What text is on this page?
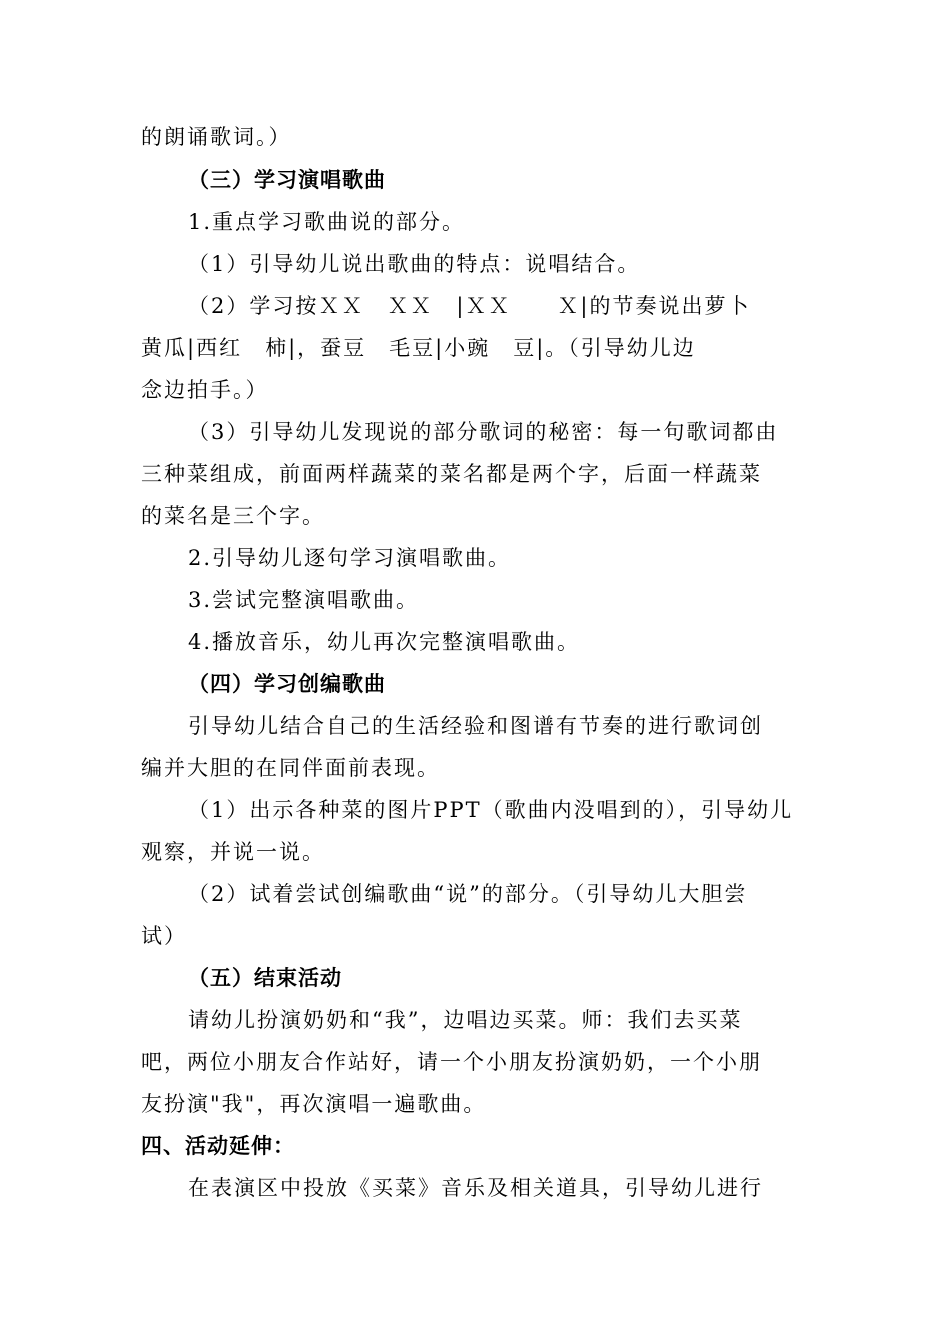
的朗诵歌词。）
（三）学习演唱歌曲
1.重点学习歌曲说的部分。
（1）引导幼儿说出歌曲的特点：说唱结合。
（2）学习按ＸＸ　ＸＸ　|ＸＸ　　Ｘ|的节奏说出萝卜
黄瓜|西红　柿|，蚕豆　毛豆|小豌　豆|。（引导幼儿边
念边拍手。）
（3）引导幼儿发现说的部分歌词的秘密：每一句歌词都由
三种菜组成，前面两样蔬菜的菜名都是两个字，后面一样蔬菜
的菜名是三个字。
2.引导幼儿逐句学习演唱歌曲。
3.尝试完整演唱歌曲。
4.播放音乐，幼儿再次完整演唱歌曲。
（四）学习创编歌曲
引导幼儿结合自己的生活经验和图谱有节奏的进行歌词创
编并大胆的在同伴面前表现。
（1）出示各种菜的图片PPT（歌曲内没唱到的），引导幼儿
观察，并说一说。
（2）试着尝试创编歌曲“说”的部分。（引导幼儿大胆尝
试）
（五）结束活动
请幼儿扮演奶奶和“我”，边唱边买菜。师：我们去买菜
吧，两位小朋友合作站好，请一个小朋友扮演奶奶，一个小朋
友扮演"我"，再次演唱一遍歌曲。
四、活动延伸：
在表演区中投放《买菜》音乐及相关道具，引导幼儿进行
